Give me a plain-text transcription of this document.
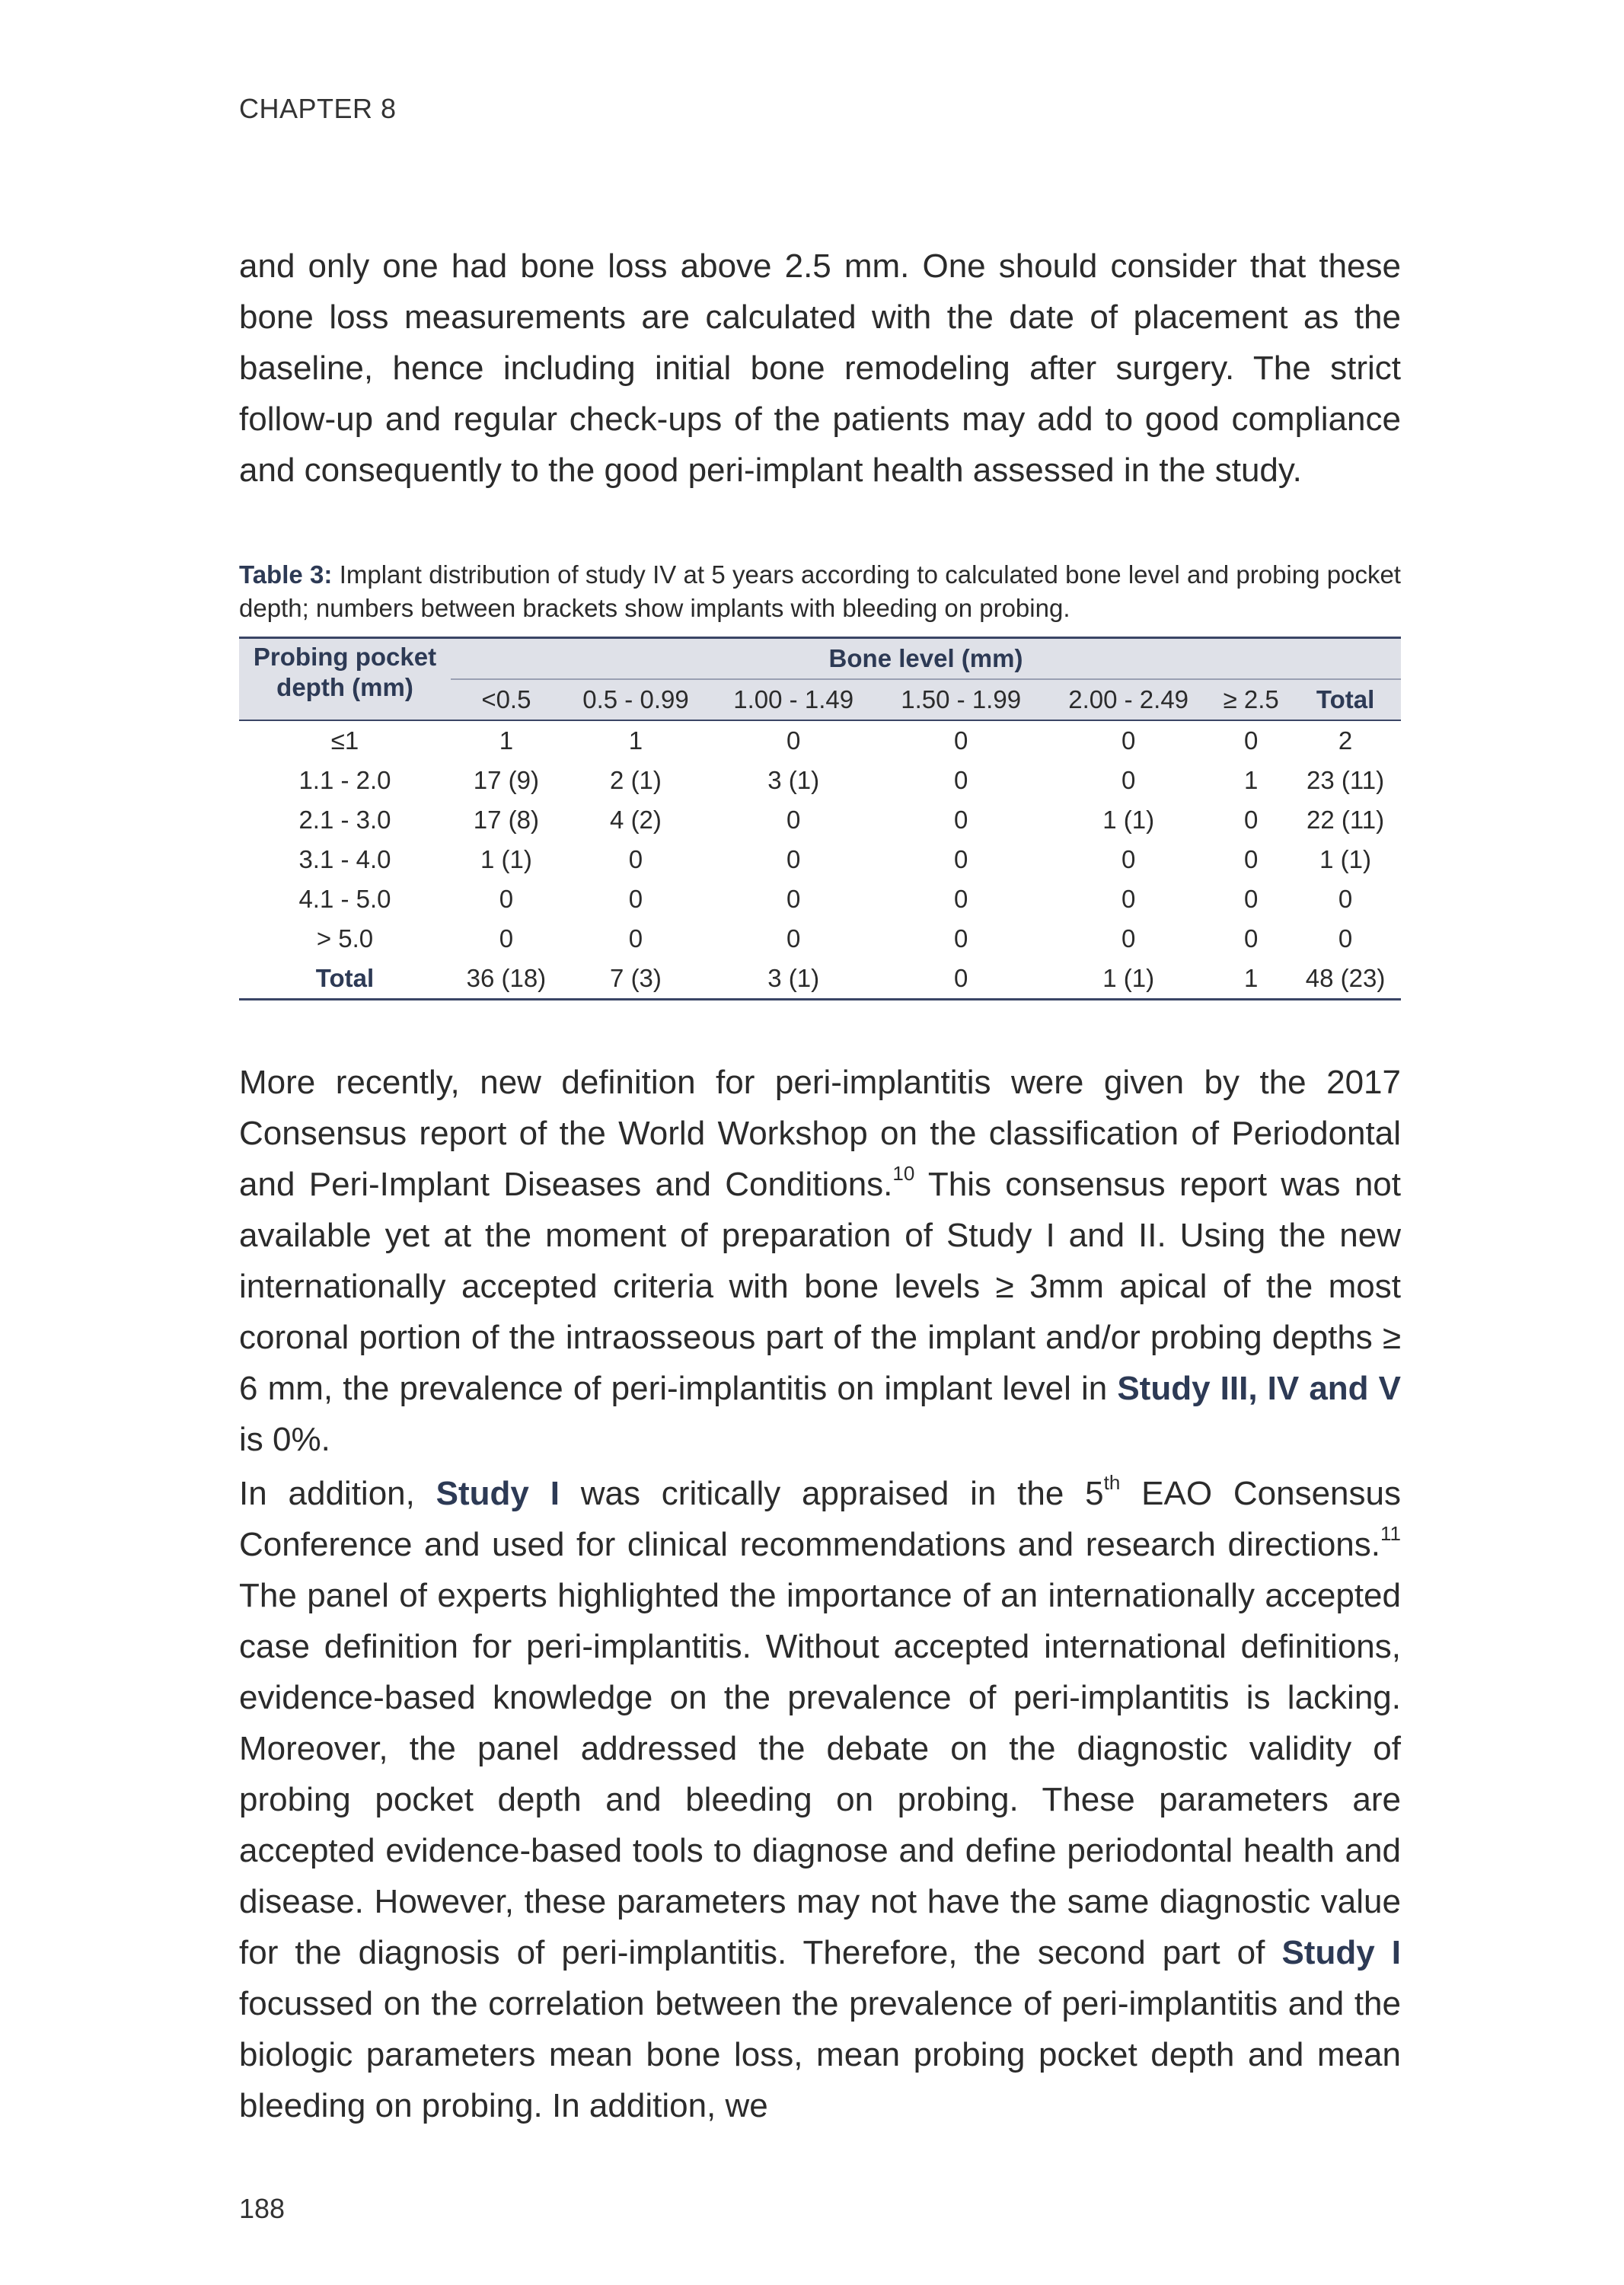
CHAPTER 8

and only one had bone loss above 2.5 mm. One should consider that these bone loss measurements are calculated with the date of placement as the baseline, hence including initial bone remodeling after surgery. The strict follow-up and regular check-ups of the patients may add to good compliance and consequently to the good peri-implant health assessed in the study.

Table 3: Implant distribution of study IV at 5 years according to calculated bone level and probing pocket depth; numbers between brackets show implants with bleeding on probing.
Probing pocket depth (mm)	Bone level (mm)						
	<0.5	0.5 - 0.99	1.00 - 1.49	1.50 - 1.99	2.00 - 2.49	≥ 2.5	Total
≤1	1	1	0	0	0	0	2
1.1 - 2.0	17 (9)	2 (1)	3 (1)	0	0	1	23 (11)
2.1 - 3.0	17 (8)	4 (2)	0	0	1 (1)	0	22 (11)
3.1 - 4.0	1 (1)	0	0	0	0	0	1 (1)
4.1 - 5.0	0	0	0	0	0	0	0
> 5.0	0	0	0	0	0	0	0
Total	36 (18)	7 (3)	3 (1)	0	1 (1)	1	48 (23)

More recently, new definition for peri-implantitis were given by the 2017 Consensus report of the World Workshop on the classification of Periodontal and Peri-Implant Diseases and Conditions.$^{10}$ This consensus report was not available yet at the moment of preparation of Study I and II. Using the new internationally accepted criteria with bone levels ≥ 3mm apical of the most coronal portion of the intraosseous part of the implant and/or probing depths ≥ 6 mm, the prevalence of peri-implantitis on implant level in Study III, IV and V is 0%.

In addition, Study I was critically appraised in the 5th EAO Consensus Conference and used for clinical recommendations and research directions.$^{11}$ The panel of experts highlighted the importance of an internationally accepted case definition for peri-implantitis. Without accepted international definitions, evidence-based knowledge on the prevalence of peri-implantitis is lacking. Moreover, the panel addressed the debate on the diagnostic validity of probing pocket depth and bleeding on probing. These parameters are accepted evidence-based tools to diagnose and define periodontal health and disease. However, these parameters may not have the same diagnostic value for the diagnosis of peri-implantitis. Therefore, the second part of Study I focussed on the correlation between the prevalence of peri-implantitis and the biologic parameters mean bone loss, mean probing pocket depth and mean bleeding on probing. In addition, we

188
